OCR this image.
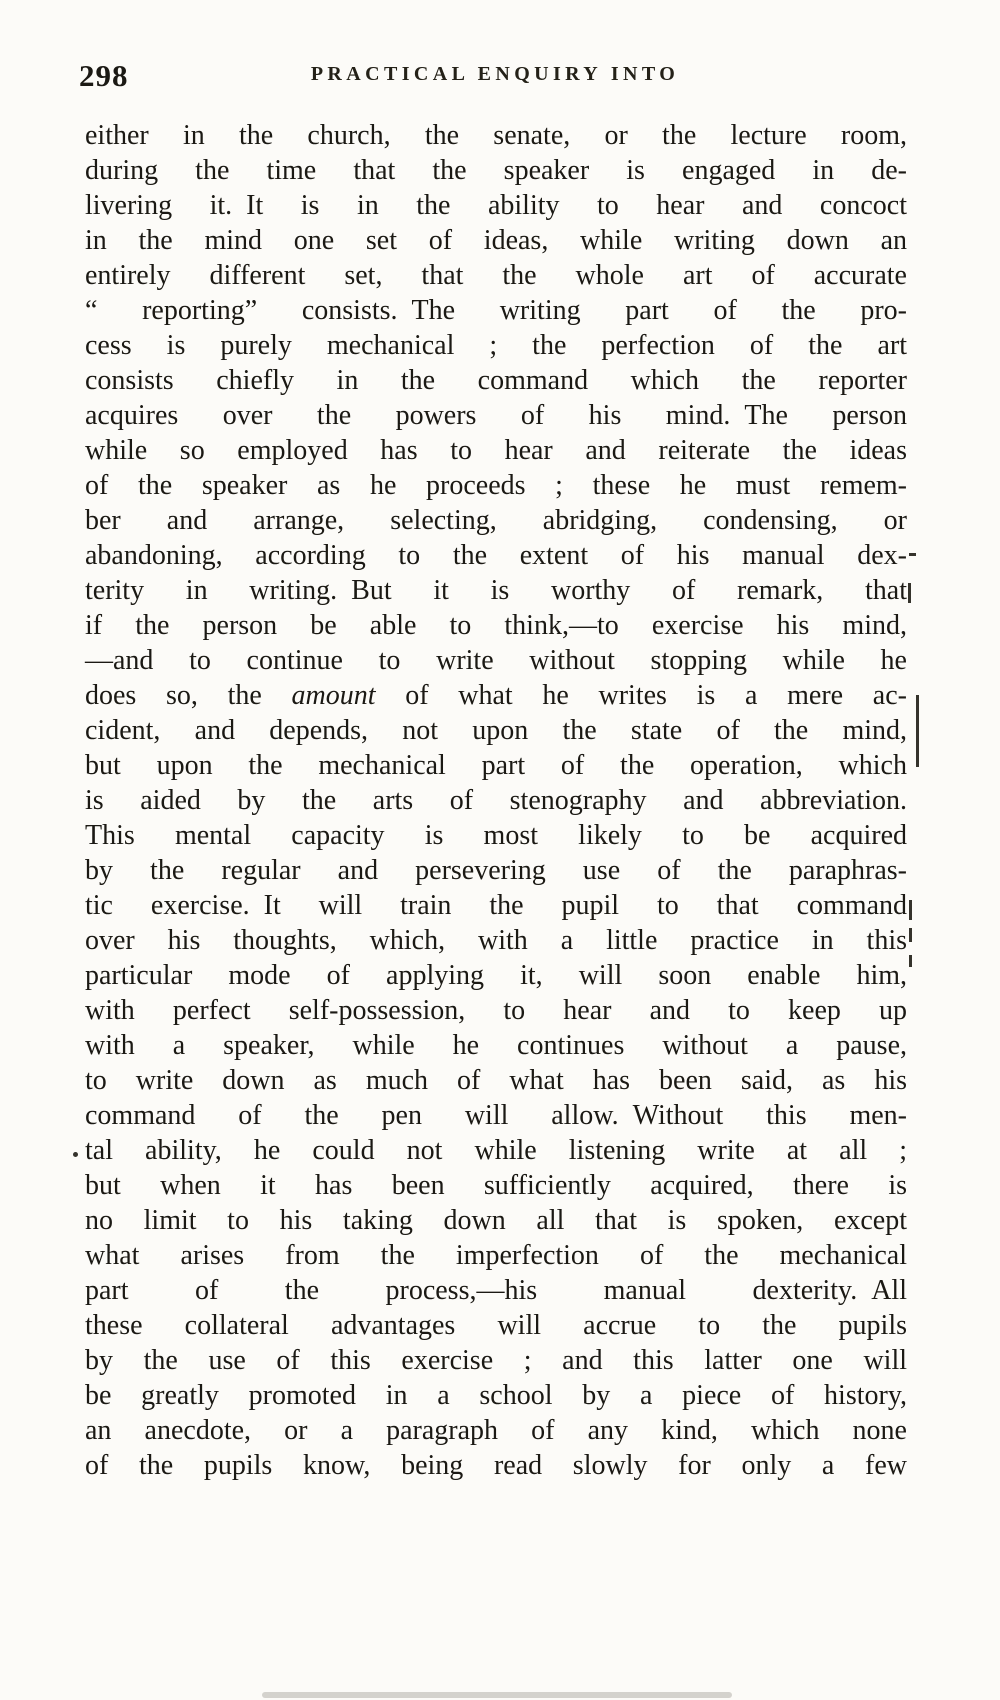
298	PRACTICAL ENQUIRY INTO
either in the church, the senate, or the lecture room,
during the time that the speaker is engaged in de-
livering it. It is in the ability to hear and concoct
in the mind one set of ideas, while writing down an
entirely different set, that the whole art of accurate
“ reporting” consists. The writing part of the pro-
cess is purely mechanical ; the perfection of the art
consists chiefly in the command which the reporter
acquires over the powers of his mind. The person
while so employed has to hear and reiterate the ideas
of the speaker as he proceeds ; these he must remem-
ber and arrange, selecting, abridging, condensing, or
abandoning, according to the extent of his manual dex-
terity in writing. But it is worthy of remark, that
if the person be able to think,—to exercise his mind,
—and to continue to write without stopping while he
does so, the amount of what he writes is a mere ac-
cident, and depends, not upon the state of the mind,
but upon the mechanical part of the operation, which
is aided by the arts of stenography and abbreviation.
This mental capacity is most likely to be acquired
by the regular and persevering use of the paraphras-
tic exercise. It will train the pupil to that command
over his thoughts, which, with a little practice in this
particular mode of applying it, will soon enable him,
with perfect self-possession, to hear and to keep up
with a speaker, while he continues without a pause,
to write down as much of what has been said, as his
command of the pen will allow. Without this men-
tal ability, he could not while listening write at all ;
but when it has been sufficiently acquired, there is
no limit to his taking down all that is spoken, except
what arises from the imperfection of the mechanical
part of the process,—his manual dexterity. All
these collateral advantages will accrue to the pupils
by the use of this exercise ; and this latter one will
be greatly promoted in a school by a piece of history,
an anecdote, or a paragraph of any kind, which none
of the pupils know, being read slowly for only a few
